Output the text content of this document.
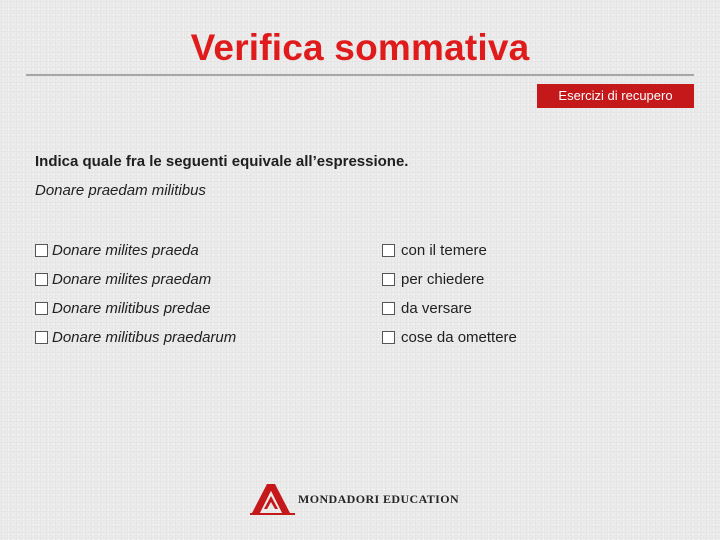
Verifica sommativa
Esercizi di recupero
Indica quale fra le seguenti equivale all’espressione.
Donare praedam militibus
Donare milites praeda
Donare milites praedam
Donare militibus predae
Donare militibus praedarum
con il temere
per chiedere
da versare
cose da omettere
MONDADORI EDUCATION
